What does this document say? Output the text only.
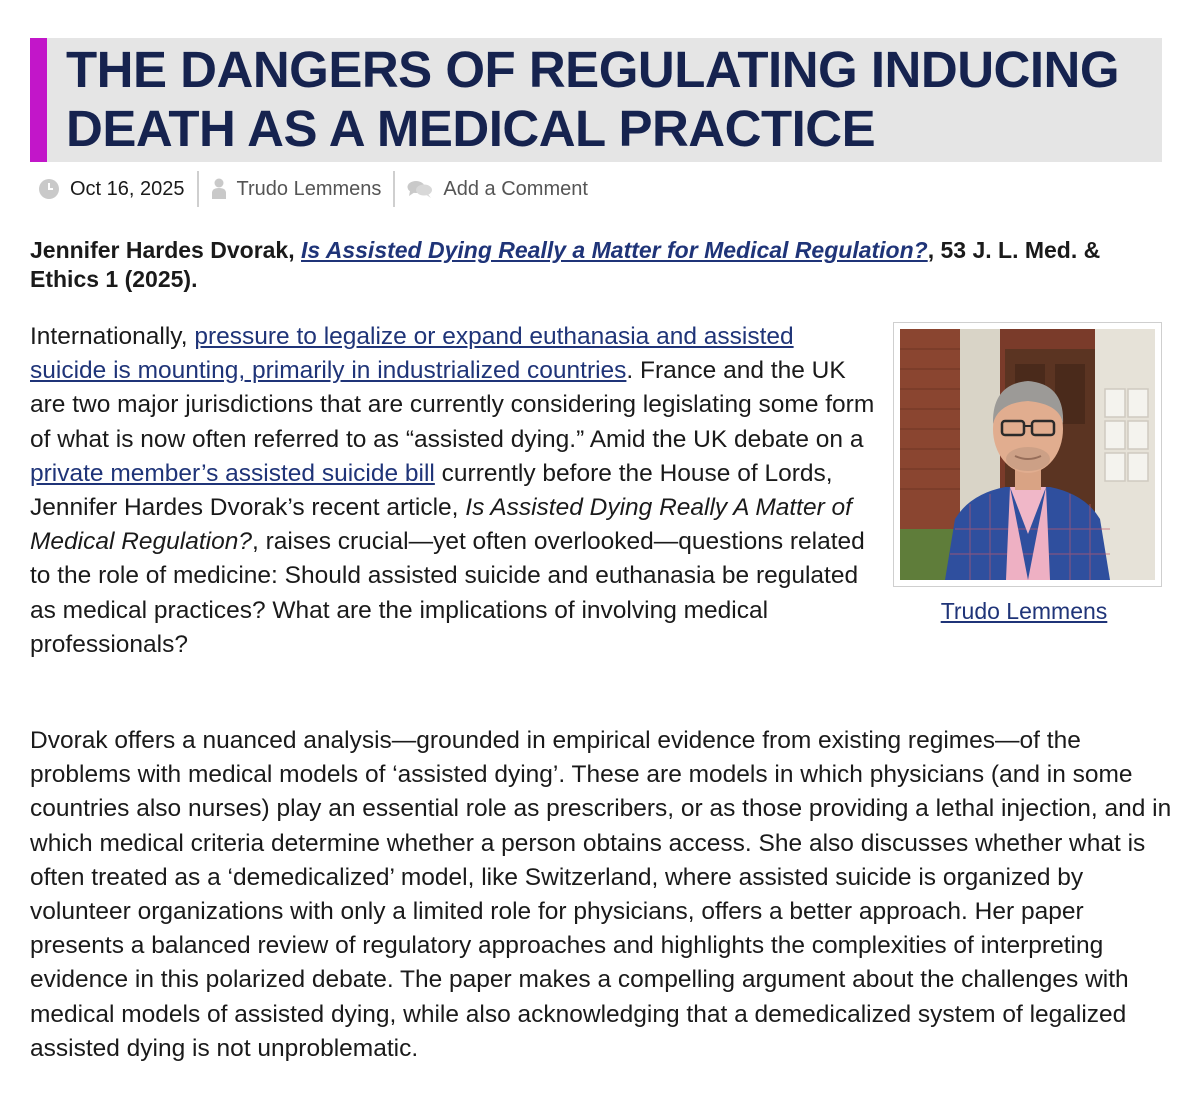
THE DANGERS OF REGULATING INDUCING DEATH AS A MEDICAL PRACTICE
Oct 16, 2025	Trudo Lemmens	Add a Comment

Jennifer Hardes Dvorak, Is Assisted Dying Really a Matter for Medical Regulation?, 53 J. L. Med. & Ethics 1 (2025).

Internationally, pressure to legalize or expand euthanasia and assisted suicide is mounting, primarily in industrialized countries. France and the UK are two major jurisdictions that are currently considering legislating some form of what is now often referred to as “assisted dying.” Amid the UK debate on a private member’s assisted suicide bill currently before the House of Lords, Jennifer Hardes Dvorak’s recent article, Is Assisted Dying Really A Matter of Medical Regulation?, raises crucial—yet often overlooked—questions related to the role of medicine: Should assisted suicide and euthanasia be regulated as medical practices? What are the implications of involving medical professionals?

Trudo Lemmens

Dvorak offers a nuanced analysis—grounded in empirical evidence from existing regimes—of the problems with medical models of ‘assisted dying’. These are models in which physicians (and in some countries also nurses) play an essential role as prescribers, or as those providing a lethal injection, and in which medical criteria determine whether a person obtains access. She also discusses whether what is often treated as a ‘demedicalized’ model, like Switzerland, where assisted suicide is organized by volunteer organizations with only a limited role for physicians, offers a better approach. Her paper presents a balanced review of regulatory approaches and highlights the complexities of interpreting evidence in this polarized debate. The paper makes a compelling argument about the challenges with medical models of assisted dying, while also acknowledging that a demedicalized system of legalized assisted dying is not unproblematic.
